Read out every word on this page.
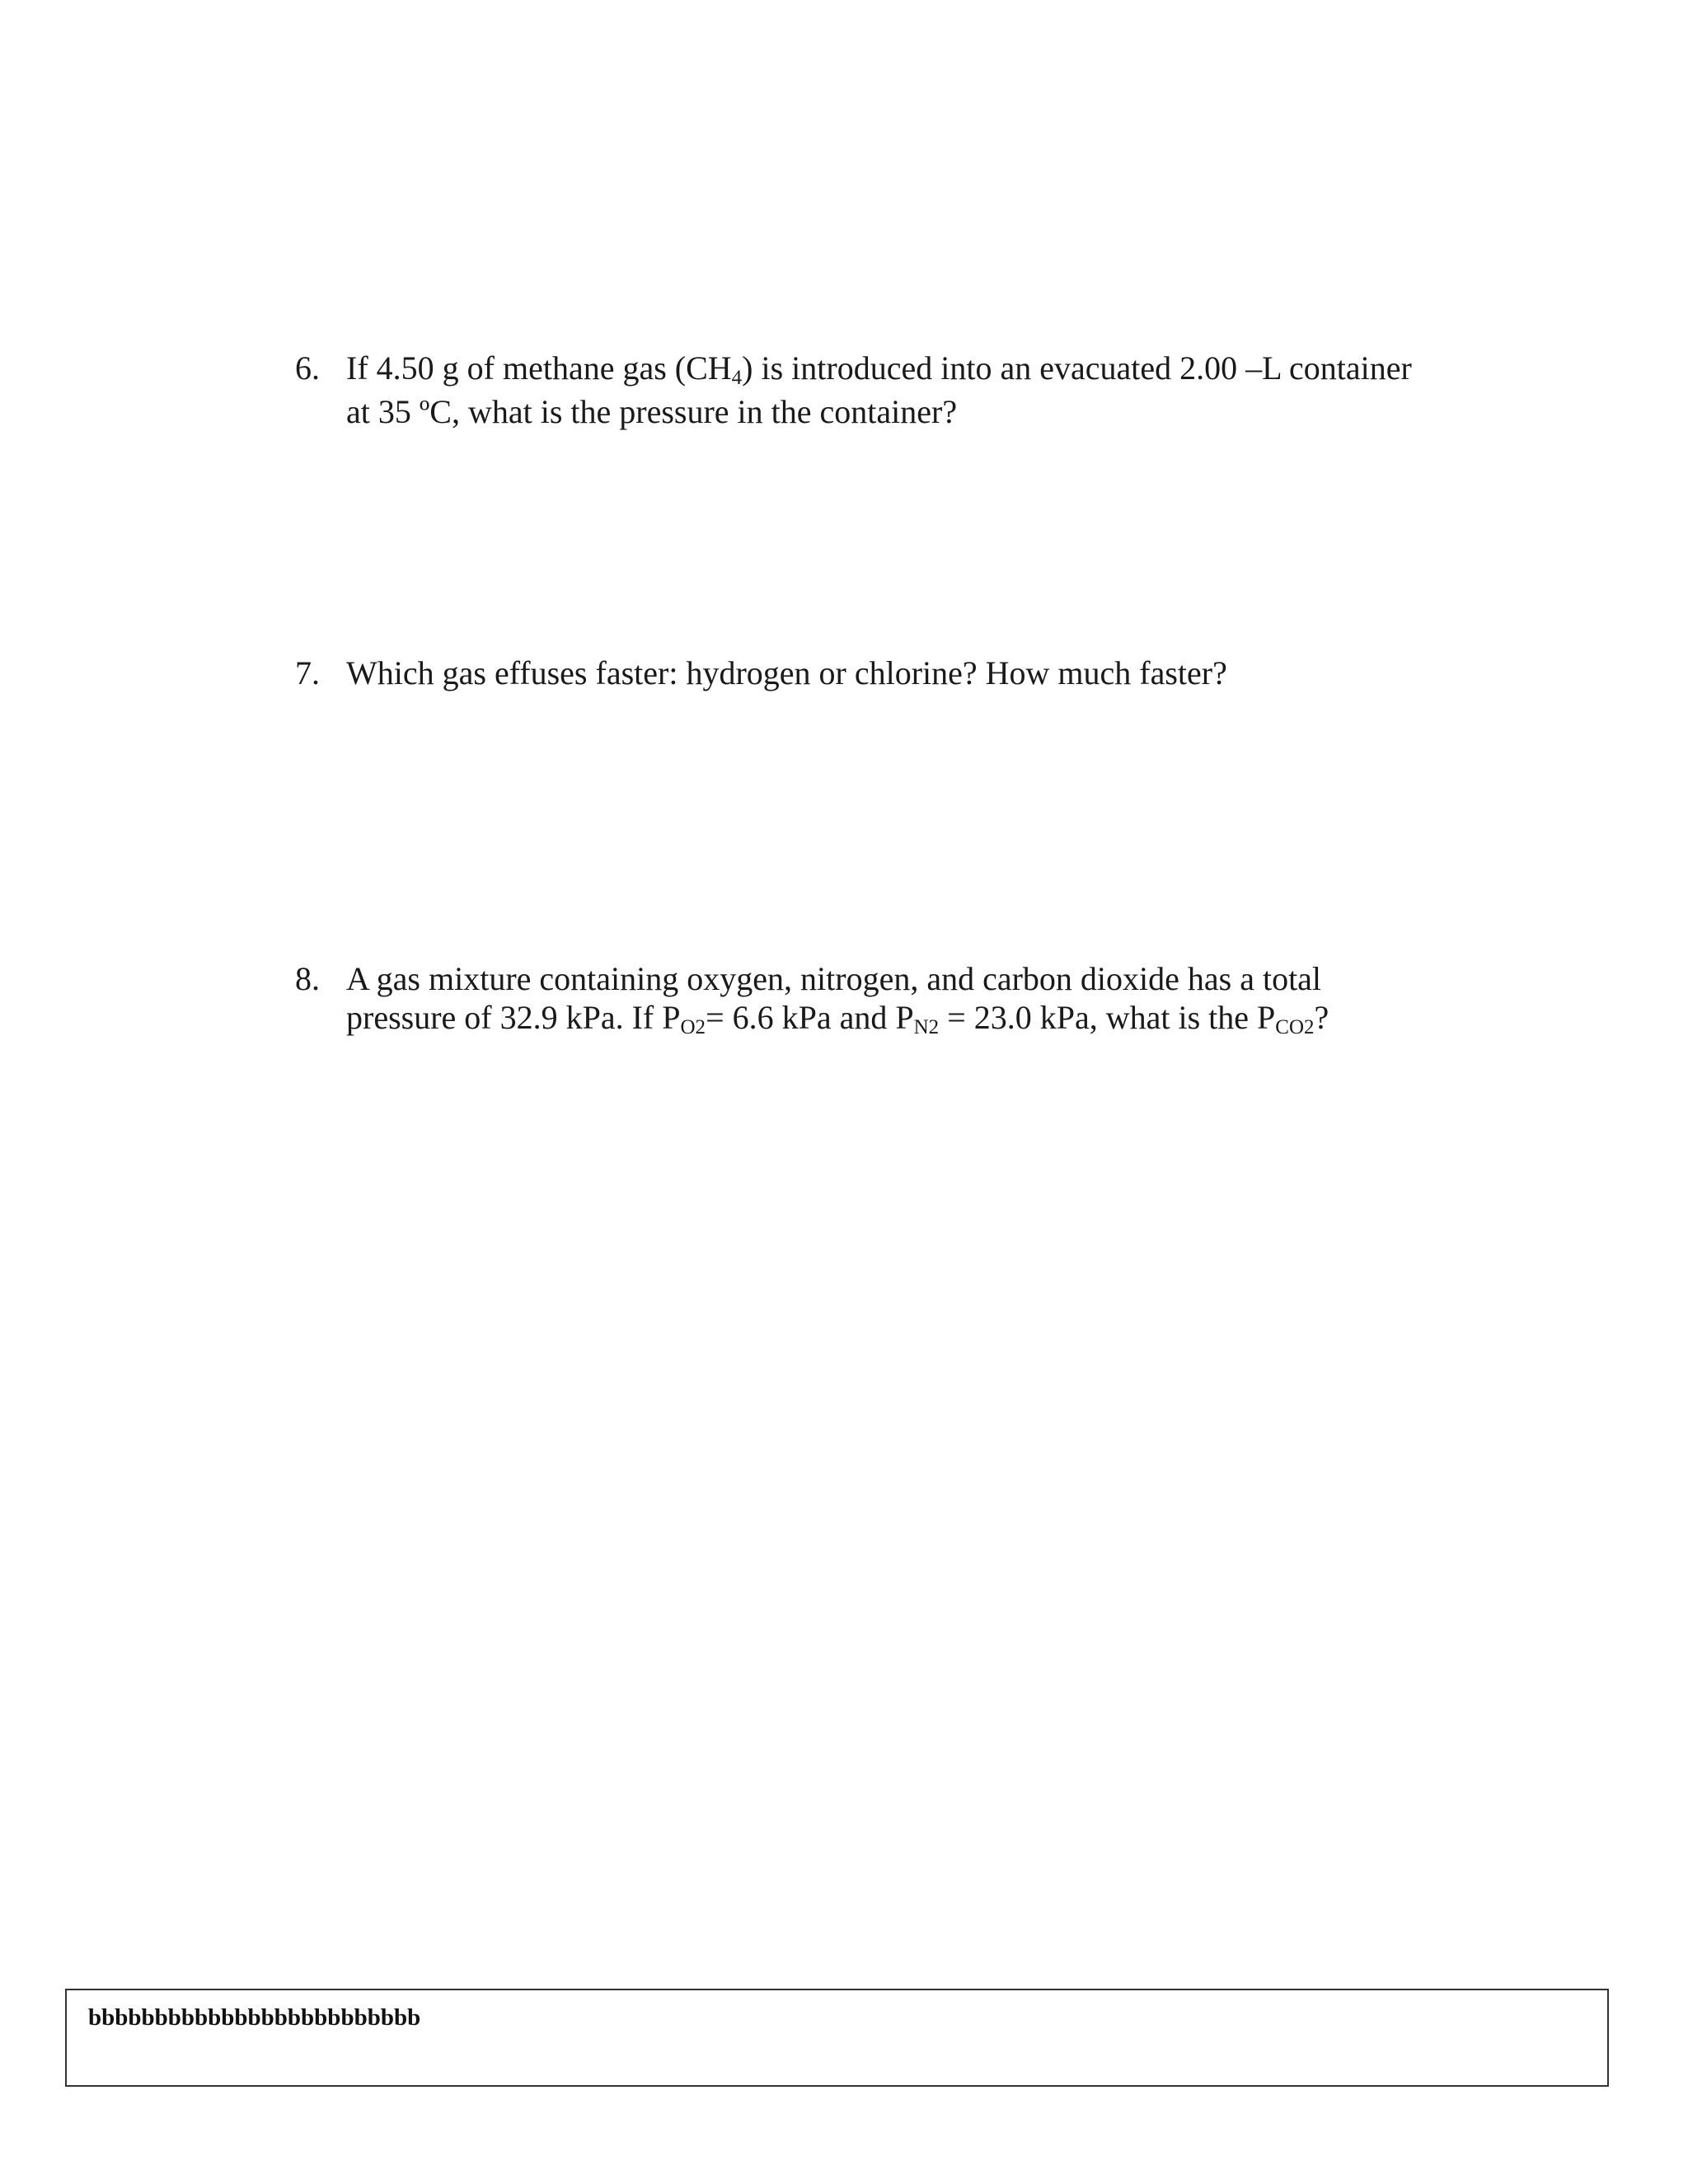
6. If 4.50 g of methane gas (CH4) is introduced into an evacuated 2.00 –L container
at 35 ºC, what is the pressure in the container?
7. Which gas effuses faster: hydrogen or chlorine? How much faster?
8. A gas mixture containing oxygen, nitrogen, and carbon dioxide has a total
pressure of 32.9 kPa. If PO2= 6.6 kPa and PN2 = 23.0 kPa, what is the PCO2?
bbbbbbbbbbbbbbbbbbbbbbbbb
